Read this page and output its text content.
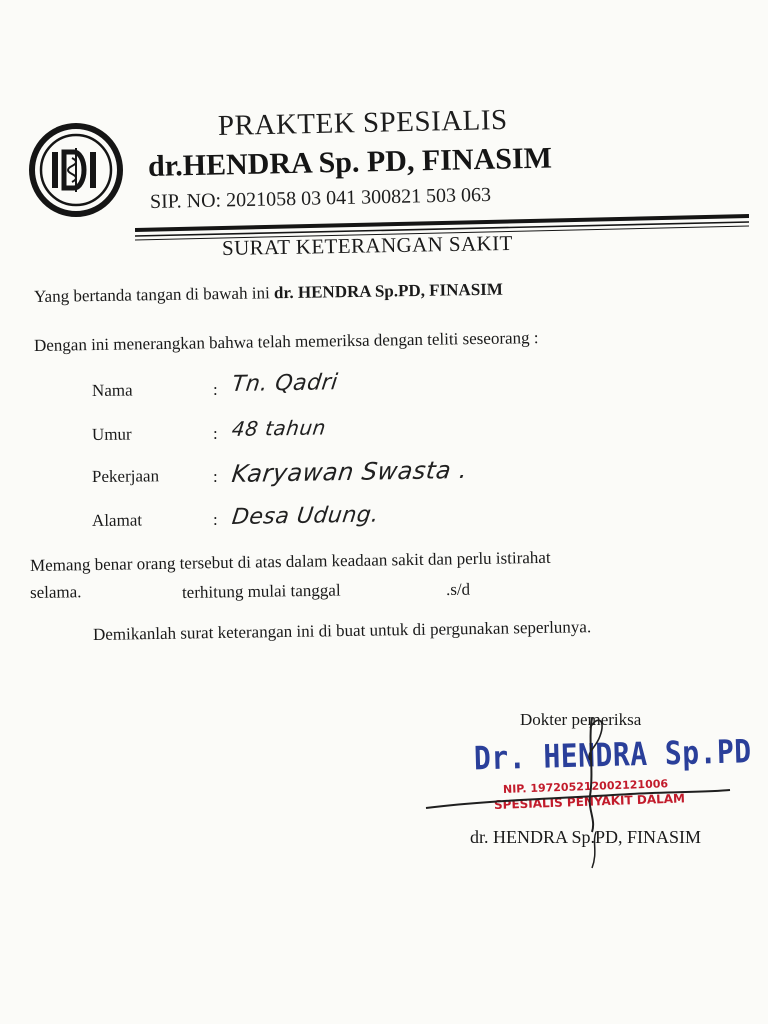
IDI
PRAKTEK SPESIALIS
dr.HENDRA Sp. PD, FINASIM
SIP. NO: 2021058 03 041 300821 503 063
SURAT KETERANGAN SAKIT
Yang bertanda tangan di bawah ini dr. HENDRA Sp.PD, FINASIM
Dengan ini menerangkan bahwa telah memeriksa dengan teliti seseorang :
Nama	: Tn. Qadri
Umur	: 48 tahun
Pekerjaan	: Karyawan Swasta .
Alamat	: Desa Udung.
Memang benar orang tersebut di atas dalam keadaan sakit dan perlu istirahat
selama.	terhitung mulai tanggal	.s/d
Demikanlah surat keterangan ini di buat untuk di pergunakan seperlunya.
Dokter pemeriksa
Dr. HENDRA Sp.PD
NIP. 197205212002121006
SPESIALIS PENYAKIT DALAM
dr. HENDRA Sp.PD, FINASIM
